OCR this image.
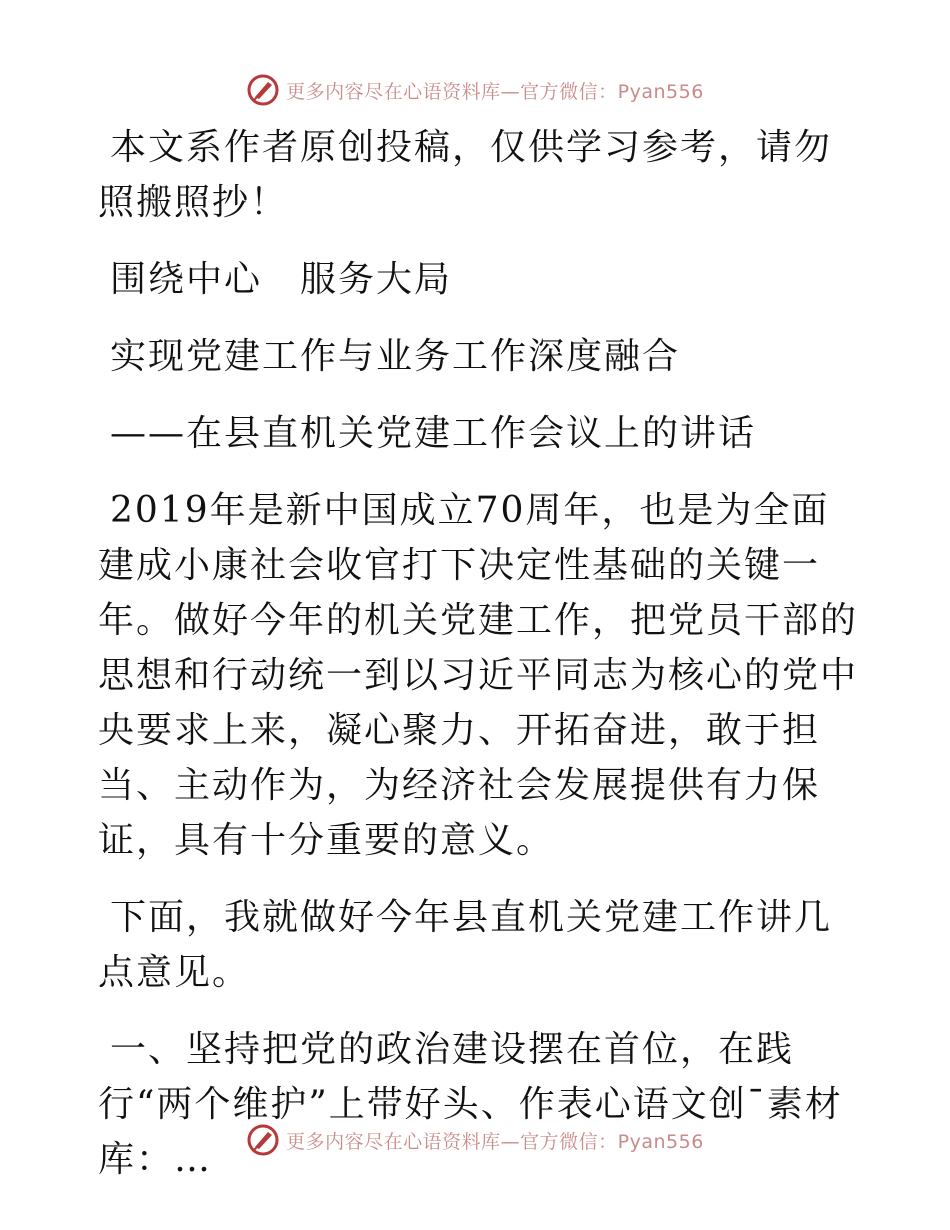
更多内容尽在心语资料库—官方微信：Pyan556

本文系作者原创投稿，仅供学习参考，请勿照搬照抄！

围绕中心　服务大局

实现党建工作与业务工作深度融合

——在县直机关党建工作会议上的讲话

2019年是新中国成立70周年，也是为全面建成小康社会收官打下决定性基础的关键一年。做好今年的机关党建工作，把党员干部的思想和行动统一到以习近平同志为核心的党中央要求上来，凝心聚力、开拓奋进，敢于担当、主动作为，为经济社会发展提供有力保证，具有十分重要的意义。

下面，我就做好今年县直机关党建工作讲几点意见。

一、坚持把党的政治建设摆在首位，在践行“两个维护”上带好头、作表心语文创¯素材库：…	更多内容尽在心语资料库—官方微信：Pyan556
